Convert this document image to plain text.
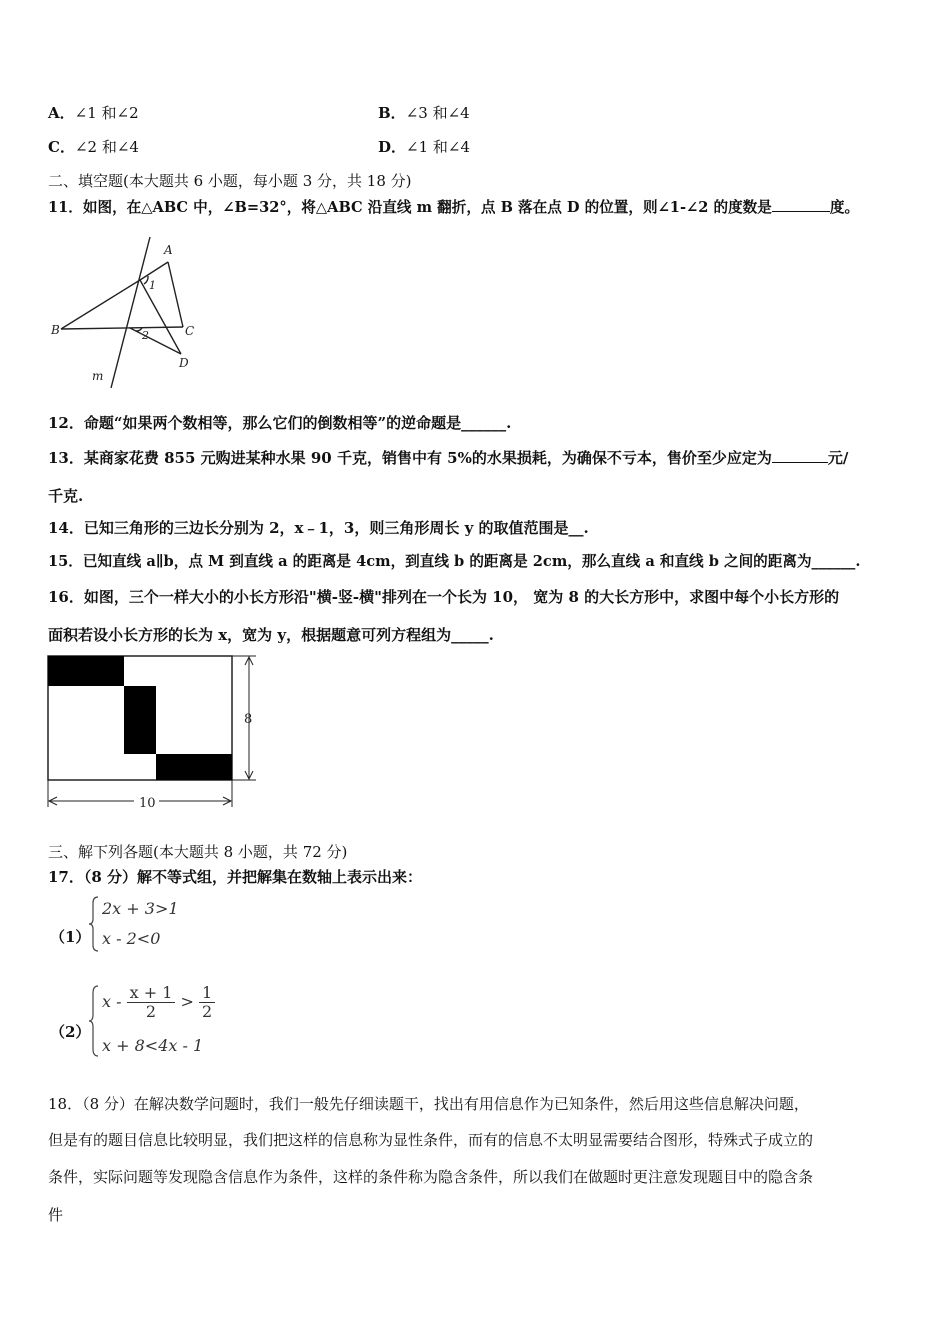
A．∠1 和∠2	B．∠3 和∠4
C．∠2 和∠4	D．∠1 和∠4
二、填空题(本大题共 6 小题，每小题 3 分，共 18 分)
11．如图，在△ABC 中，∠B=32°，将△ABC 沿直线 m 翻折，点 B 落在点 D 的位置，则∠1-∠2 的度数是	度。
A
1
B	2	C
D
m
12．命题“如果两个数相等，那么它们的倒数相等”的逆命题是______.
13．某商家花费 855 元购进某种水果 90 千克，销售中有 5%的水果损耗，为确保不亏本，售价至少应定为	元/
千克.
14．已知三角形的三边长分别为 2，x﹣1，3，则三角形周长 y 的取值范围是__.
15．已知直线 a∥b，点 M 到直线 a 的距离是 4cm，到直线 b 的距离是 2cm，那么直线 a 和直线 b 之间的距离为______.
16．如图，三个一样大小的小长方形沿"横-竖-横"排列在一个长为 10， 宽为 8 的大长方形中，求图中每个小长方形的
面积若设小长方形的长为 x，宽为 y，根据题意可列方程组为_____.
8
10
三、解下列各题(本大题共 8 小题，共 72 分)
17．（8 分）解不等式组，并把解集在数轴上表示出来：
（1）
2x + 3>1
x - 2<0
（2）
$x - \frac{x + 1}{2} > \frac{1}{2}$
x + 8<4x - 1
18．（8 分）在解决数学问题时，我们一般先仔细读题干，找出有用信息作为已知条件，然后用这些信息解决问题，
但是有的题目信息比较明显，我们把这样的信息称为显性条件，而有的信息不太明显需要结合图形，特殊式子成立的
条件，实际问题等发现隐含信息作为条件，这样的条件称为隐含条件，所以我们在做题时更注意发现题目中的隐含条
件
